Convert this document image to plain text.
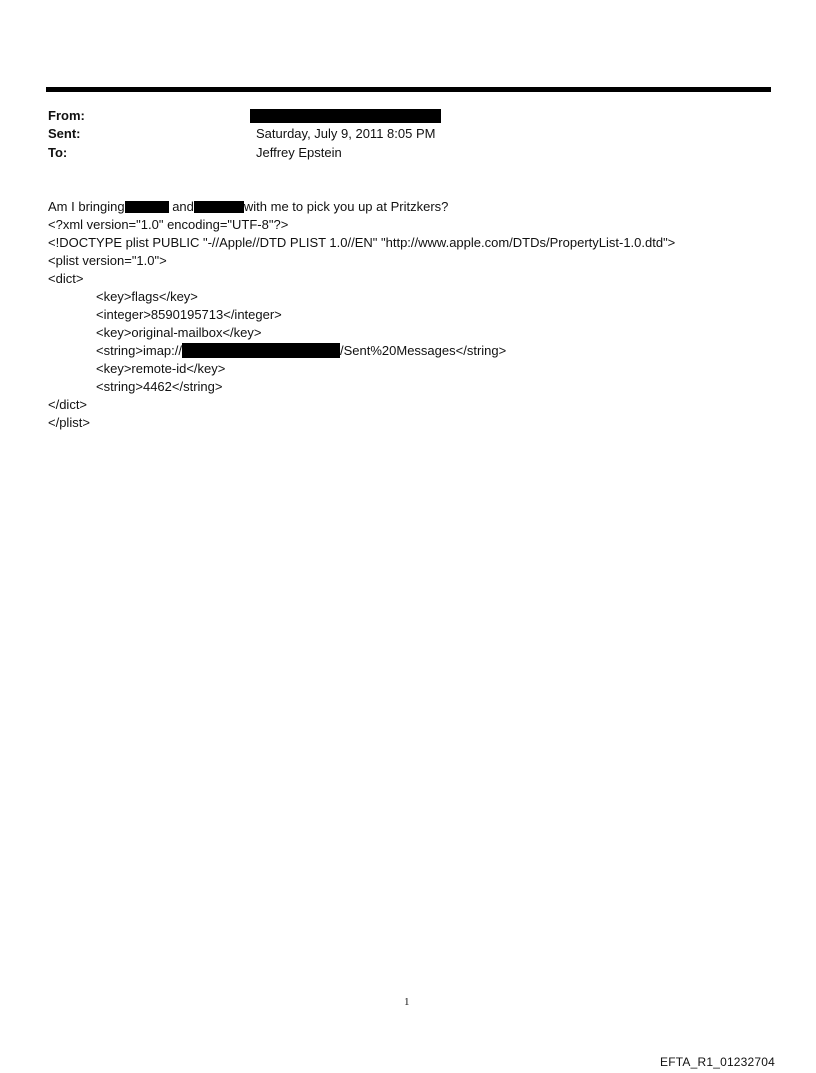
From:
Sent:	Saturday, July 9, 2011 8:05 PM
To:	Jeffrey Epstein
Am I bringing	and	with me to pick you up at Pritzkers?
<?xml version="1.0" encoding="UTF-8"?>
<!DOCTYPE plist PUBLIC "-//Apple//DTD PLIST 1.0//EN" "http://www.apple.com/DTDs/PropertyList-1.0.dtd">
<plist version="1.0">
<dict>
<key>flags</key>
<integer>8590195713</integer>
<key>original-mailbox</key>
<string>imap://	/Sent%20Messages</string>
<key>remote-id</key>
<string>4462</string>
</dict>
</plist>
1
EFTA_R1_01232704
